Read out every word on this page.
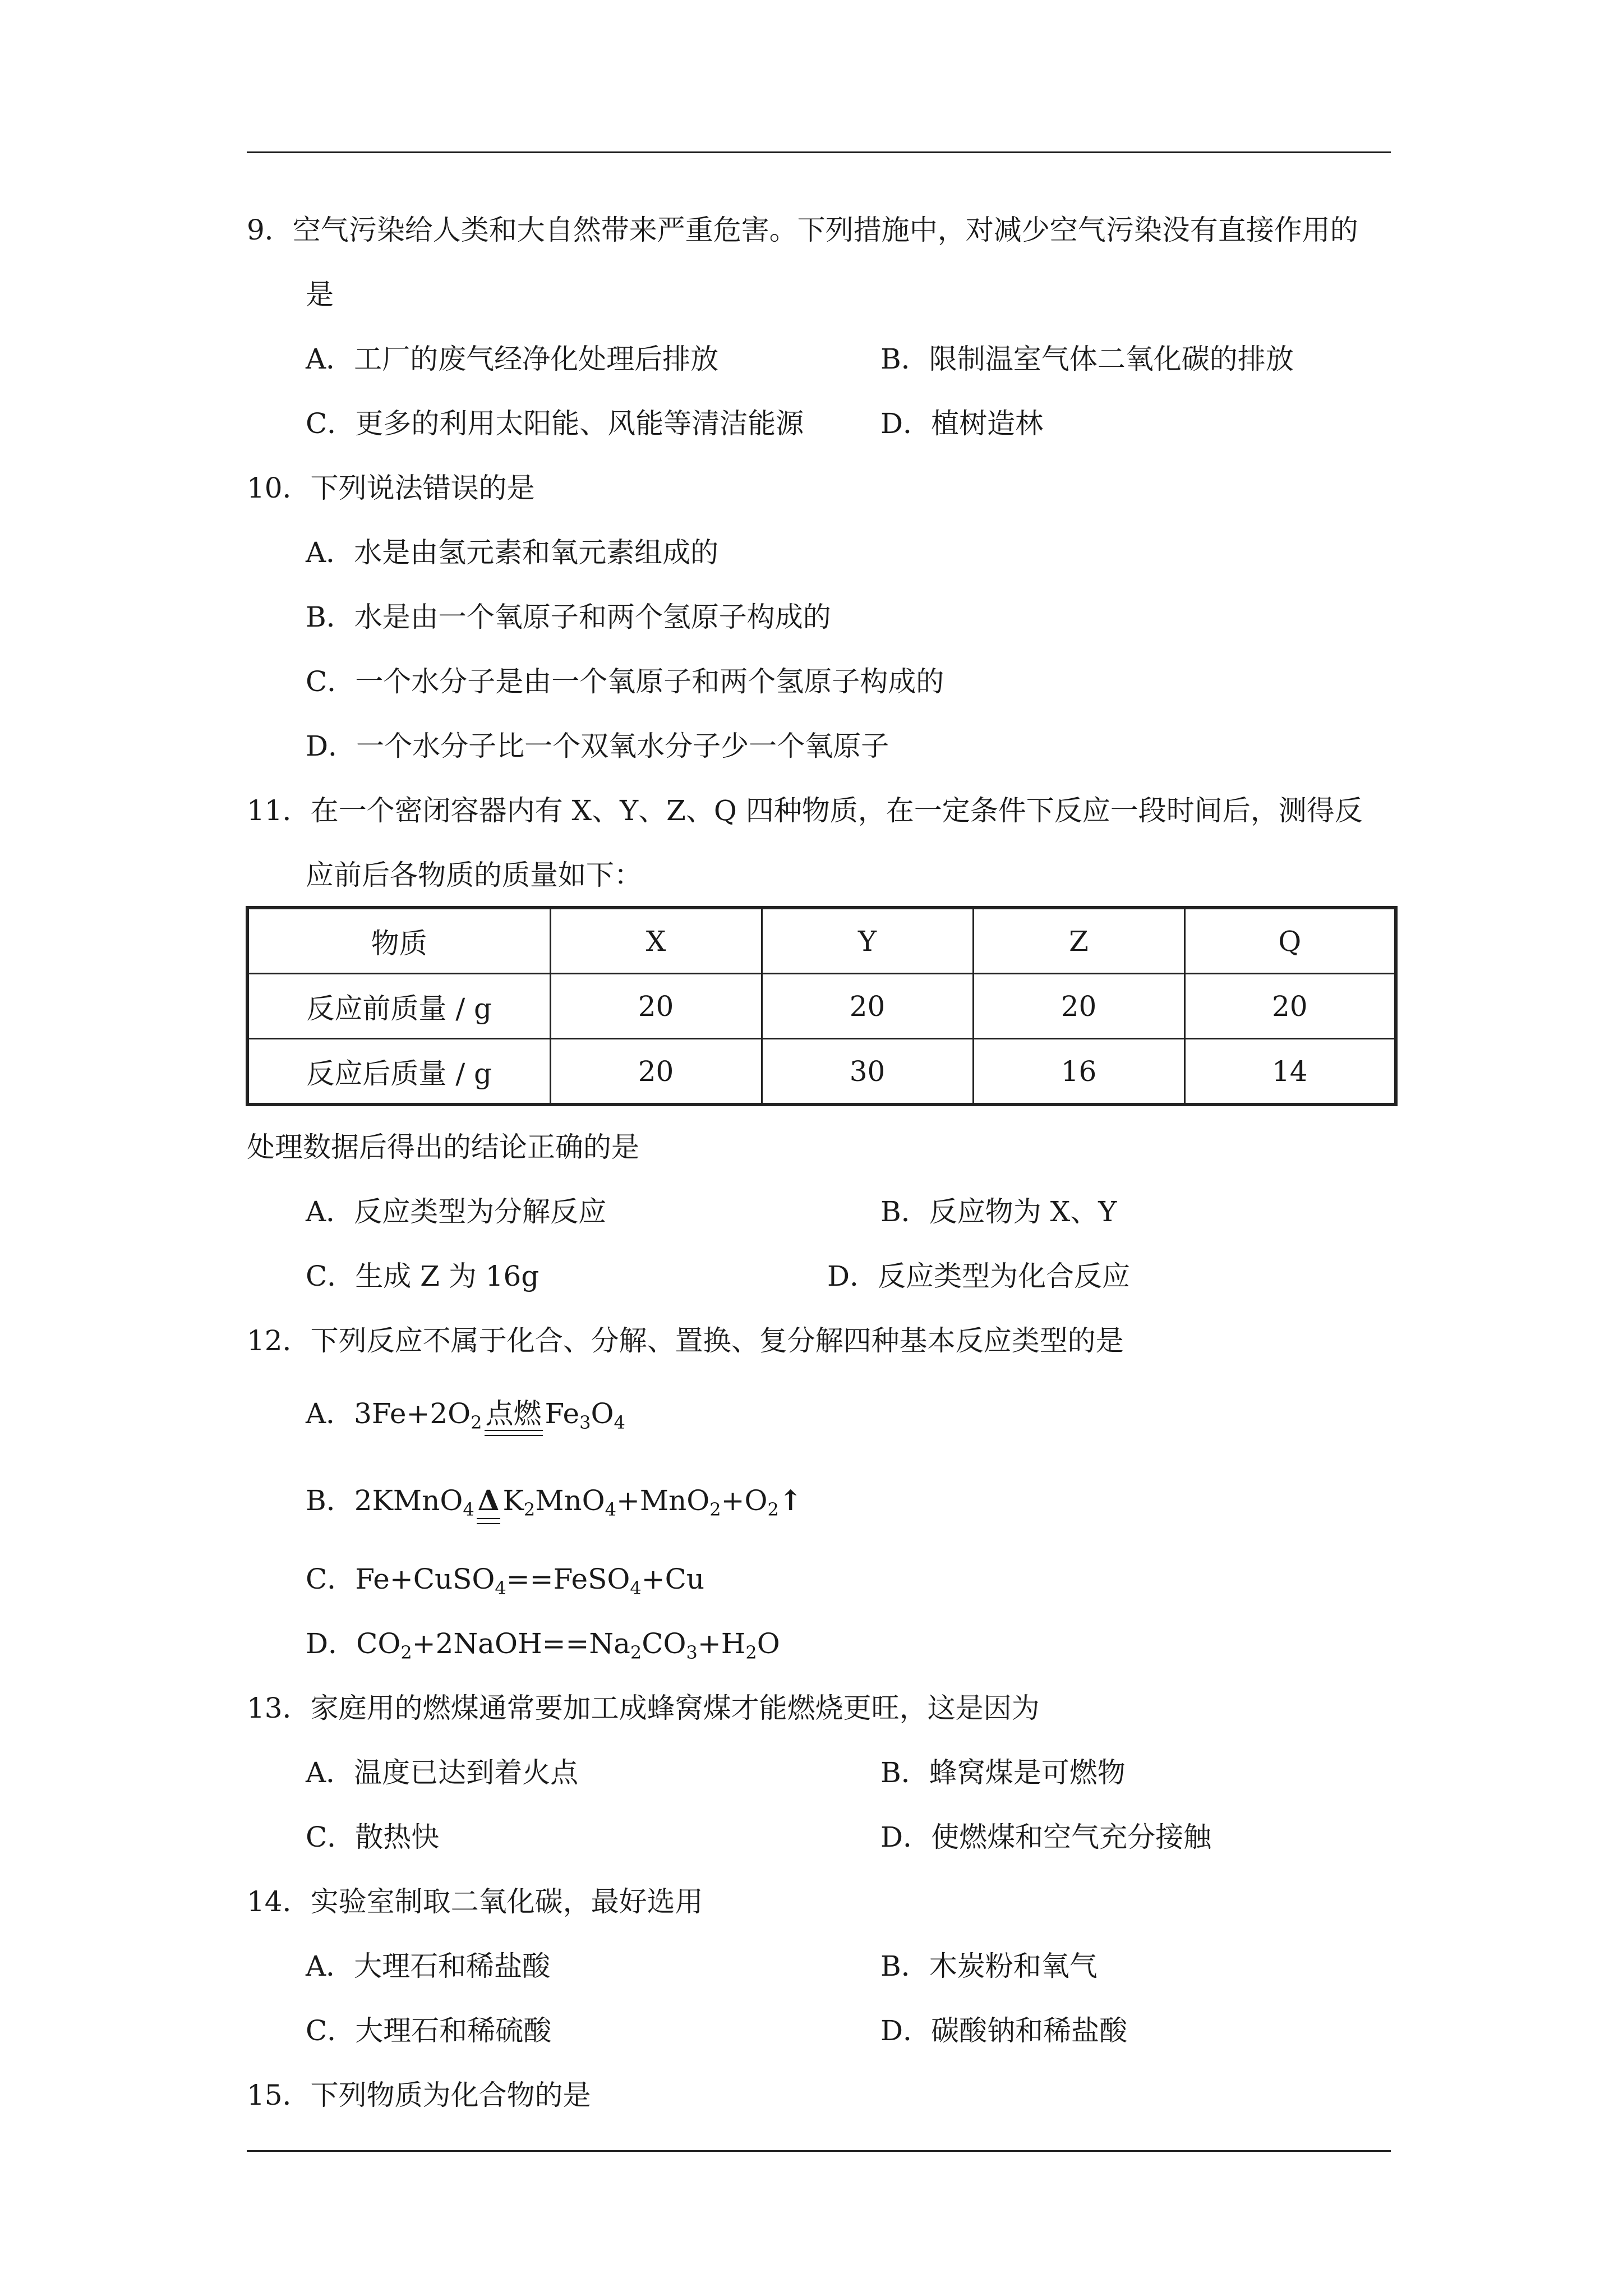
9．空气污染给人类和大自然带来严重危害。下列措施中，对减少空气污染没有直接作用的
是
A．工厂的废气经净化处理后排放	B．限制温室气体二氧化碳的排放
C．更多的利用太阳能、风能等清洁能源	D．植树造林
10．下列说法错误的是
A．水是由氢元素和氧元素组成的
B．水是由一个氧原子和两个氢原子构成的
C．一个水分子是由一个氧原子和两个氢原子构成的
D．一个水分子比一个双氧水分子少一个氧原子
11．在一个密闭容器内有 X、Y、Z、Q 四种物质，在一定条件下反应一段时间后，测得反
应前后各物质的质量如下：
物质	X	Y	Z	Q
反应前质量 / g	20	20	20	20
反应后质量 / g	20	30	16	14
处理数据后得出的结论正确的是
A．反应类型为分解反应	B．反应物为 X、Y
C．生成 Z 为 16g	D．反应类型为化合反应
12．下列反应不属于化合、分解、置换、复分解四种基本反应类型的是
A．$3Fe+2O_2$ 点燃 $Fe_3O_4$
B．2KMnO$_4$ Δ $K_2MnO_4+MnO_2+O_2↑$
C．Fe+CuSO$_4$==FeSO$_4$+Cu
D．$CO_2+2NaOH==Na_2CO_3+H_2O$
13．家庭用的燃煤通常要加工成蜂窝煤才能燃烧更旺，这是因为
A．温度已达到着火点	B．蜂窝煤是可燃物
C．散热快	D．使燃煤和空气充分接触
14．实验室制取二氧化碳，最好选用
A．大理石和稀盐酸	B．木炭粉和氧气
C．大理石和稀硫酸	D．碳酸钠和稀盐酸
15．下列物质为化合物的是
